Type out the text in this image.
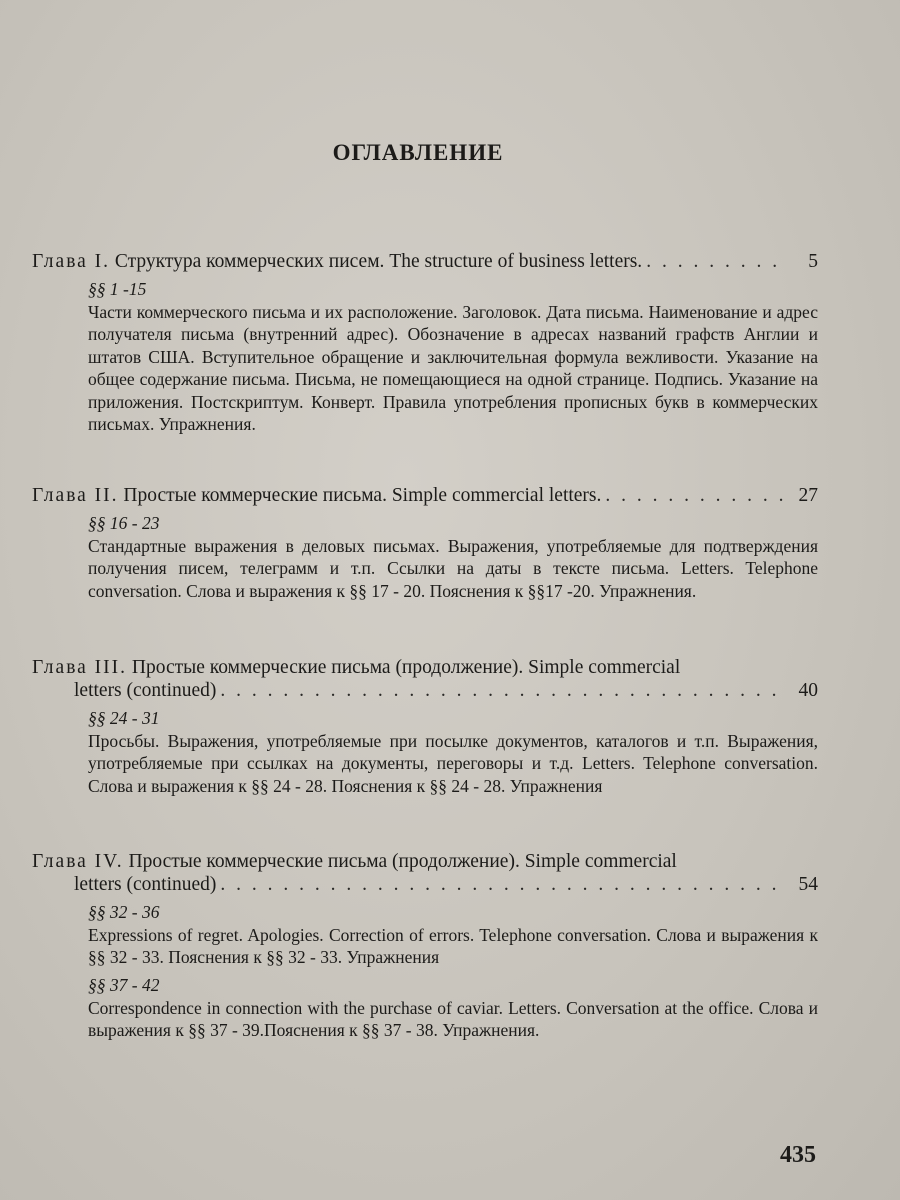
ОГЛАВЛЕНИЕ
Глава I. Структура коммерческих писем. The structure of business letters. . . .	5
§§ 1 -15
Части коммерческого письма и их расположение. Заголовок. Дата письма. Наименование и адрес получателя письма (внутренний адрес). Обозначение в адресах названий графств Англии и штатов США. Вступительное обращение и заключительная формула вежливости. Указание на общее содержание письма. Письма, не помещающиеся на одной странице. Подпись. Указание на приложения. Постскриптум. Конверт. Правила употребления прописных букв в коммерческих письмах. Упражнения.
Глава II. Простые коммерческие письма. Simple commercial letters. . . .	27
§§ 16 - 23
Стандартные выражения в деловых письмах. Выражения, употребляемые для подтверждения получения писем, телеграмм и т.п. Ссылки на даты в тексте письма. Letters. Telephone conversation. Слова и выражения к §§ 17 - 20. Пояснения к §§17 -20. Упражнения.
Глава III. Простые коммерческие письма (продолжение). Simple commercial
letters (continued) . . .	40
§§ 24 - 31
Просьбы. Выражения, употребляемые при посылке документов, каталогов и т.п. Выражения, употребляемые при ссылках на документы, переговоры и т.д. Letters. Telephone conversation. Слова и выражения к §§ 24 - 28. Пояснения к §§ 24 - 28. Упражнения
Глава IV. Простые коммерческие письма (продолжение). Simple commercial
letters (continued) . . .	54
§§ 32 - 36
Expressions of regret. Apologies. Correction of errors. Telephone conversation. Слова и выражения к §§ 32 - 33. Пояснения к §§ 32 - 33. Упражнения
§§ 37 - 42
Correspondence in connection with the purchase of caviar. Letters. Conversation at the office. Слова и выражения к §§ 37 - 39.Пояснения к §§ 37 - 38. Упражнения.
435
